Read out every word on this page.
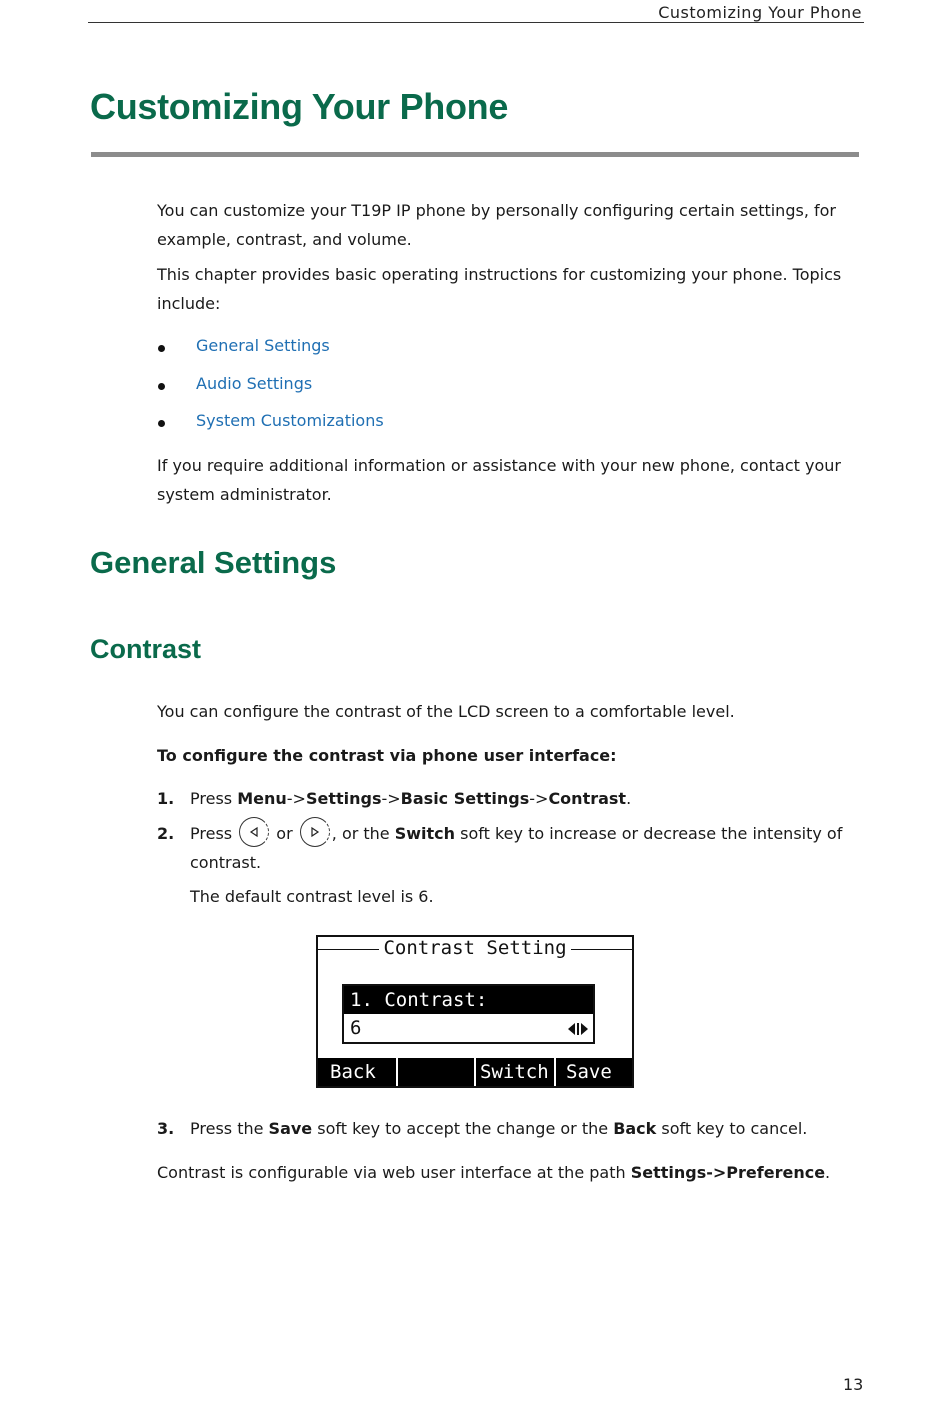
Customizing Your Phone
Customizing Your Phone
You can customize your T19P IP phone by personally configuring certain settings, for
example, contrast, and volume.
This chapter provides basic operating instructions for customizing your phone. Topics
include:
General Settings
Audio Settings
System Customizations
If you require additional information or assistance with your new phone, contact your
system administrator.
General Settings
Contrast
You can configure the contrast of the LCD screen to a comfortable level.
To configure the contrast via phone user interface:
1. Press Menu->Settings->Basic Settings->Contrast.
2. Press	or , or the Switch soft key to increase or decrease the intensity of
contrast.
The default contrast level is 6.
Contrast Setting
1. Contrast:
6
Back	Switch Save
3. Press the Save soft key to accept the change or the Back soft key to cancel.
Contrast is configurable via web user interface at the path Settings->Preference.
13
